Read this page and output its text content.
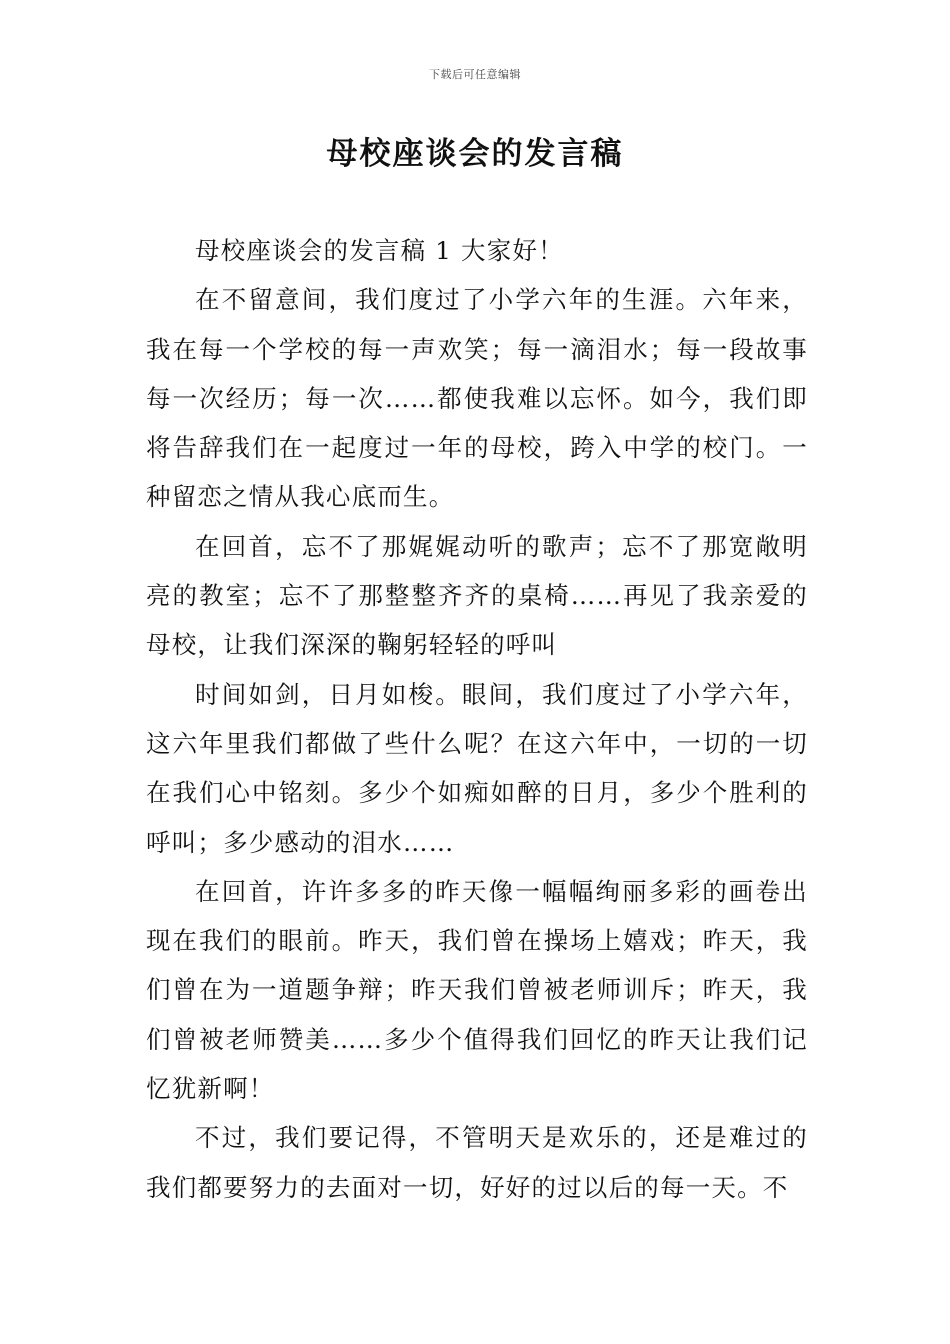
下载后可任意编辑
母校座谈会的发言稿

母校座谈会的发言稿 1 大家好！

在不留意间，我们度过了小学六年的生涯。六年来，我在每一个学校的每一声欢笑；每一滴泪水；每一段故事每一次经历；每一次……都使我难以忘怀。如今，我们即将告辞我们在一起度过一年的母校，跨入中学的校门。一种留恋之情从我心底而生。

在回首，忘不了那娓娓动听的歌声；忘不了那宽敞明亮的教室；忘不了那整整齐齐的桌椅……再见了我亲爱的母校，让我们深深的鞠躬轻轻的呼叫

时间如剑，日月如梭。眼间，我们度过了小学六年，这六年里我们都做了些什么呢？在这六年中，一切的一切在我们心中铭刻。多少个如痴如醉的日月，多少个胜利的呼叫；多少感动的泪水……

在回首，许许多多的昨天像一幅幅绚丽多彩的画卷出现在我们的眼前。昨天，我们曾在操场上嬉戏；昨天，我们曾在为一道题争辩；昨天我们曾被老师训斥；昨天，我们曾被老师赞美……多少个值得我们回忆的昨天让我们记忆犹新啊！

不过，我们要记得，不管明天是欢乐的，还是难过的我们都要努力的去面对一切，好好的过以后的每一天。不
